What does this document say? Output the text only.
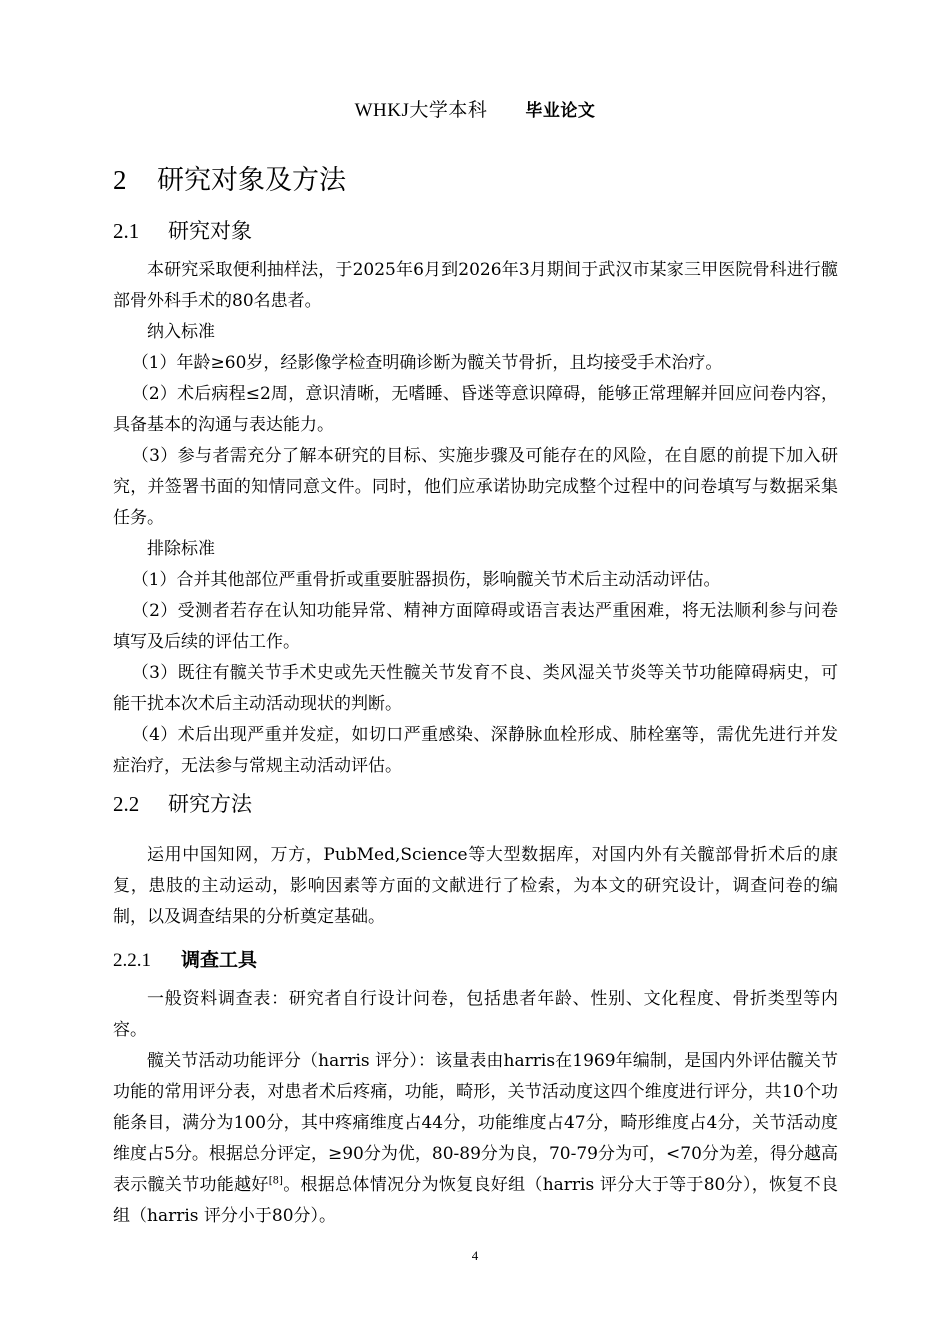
WHKJ大学本科 毕业论文
2 研究对象及方法
2.1 研究对象

本研究采取便利抽样法，于2025年6月到2026年3月期间于武汉市某家三甲医院骨科进行髋部骨外科手术的80名患者。

纳入标准

（1）年龄≥60岁，经影像学检查明确诊断为髋关节骨折，且均接受手术治疗。

（2）术后病程≤2周，意识清晰，无嗜睡、昏迷等意识障碍，能够正常理解并回应问卷内容，具备基本的沟通与表达能力。

（3）参与者需充分了解本研究的目标、实施步骤及可能存在的风险，在自愿的前提下加入研究，并签署书面的知情同意文件。同时，他们应承诺协助完成整个过程中的问卷填写与数据采集任务。

排除标准

（1）合并其他部位严重骨折或重要脏器损伤，影响髋关节术后主动活动评估。

（2）受测者若存在认知功能异常、精神方面障碍或语言表达严重困难，将无法顺利参与问卷填写及后续的评估工作。

（3）既往有髋关节手术史或先天性髋关节发育不良、类风湿关节炎等关节功能障碍病史，可能干扰本次术后主动活动现状的判断。

（4）术后出现严重并发症，如切口严重感染、深静脉血栓形成、肺栓塞等，需优先进行并发症治疗，无法参与常规主动活动评估。

2.2 研究方法

运用中国知网，万方，PubMed,Science等大型数据库，对国内外有关髋部骨折术后的康复，患肢的主动运动，影响因素等方面的文献进行了检索，为本文的研究设计，调查问卷的编制，以及调查结果的分析奠定基础。

2.2.1 调查工具

一般资料调查表：研究者自行设计问卷，包括患者年龄、性别、文化程度、骨折类型等内容。

髋关节活动功能评分（harris 评分）：该量表由harris在1969年编制，是国内外评估髋关节功能的常用评分表，对患者术后疼痛，功能，畸形，关节活动度这四个维度进行评分，共10个功能条目，满分为100分，其中疼痛维度占44分，功能维度占47分，畸形维度占4分，关节活动度维度占5分。根据总分评定，≥90分为优，80-89分为良，70-79分为可，<70分为差，得分越高表示髋关节功能越好[8]。根据总体情况分为恢复良好组（harris 评分大于等于80分），恢复不良组（harris 评分小于80分）。

4
